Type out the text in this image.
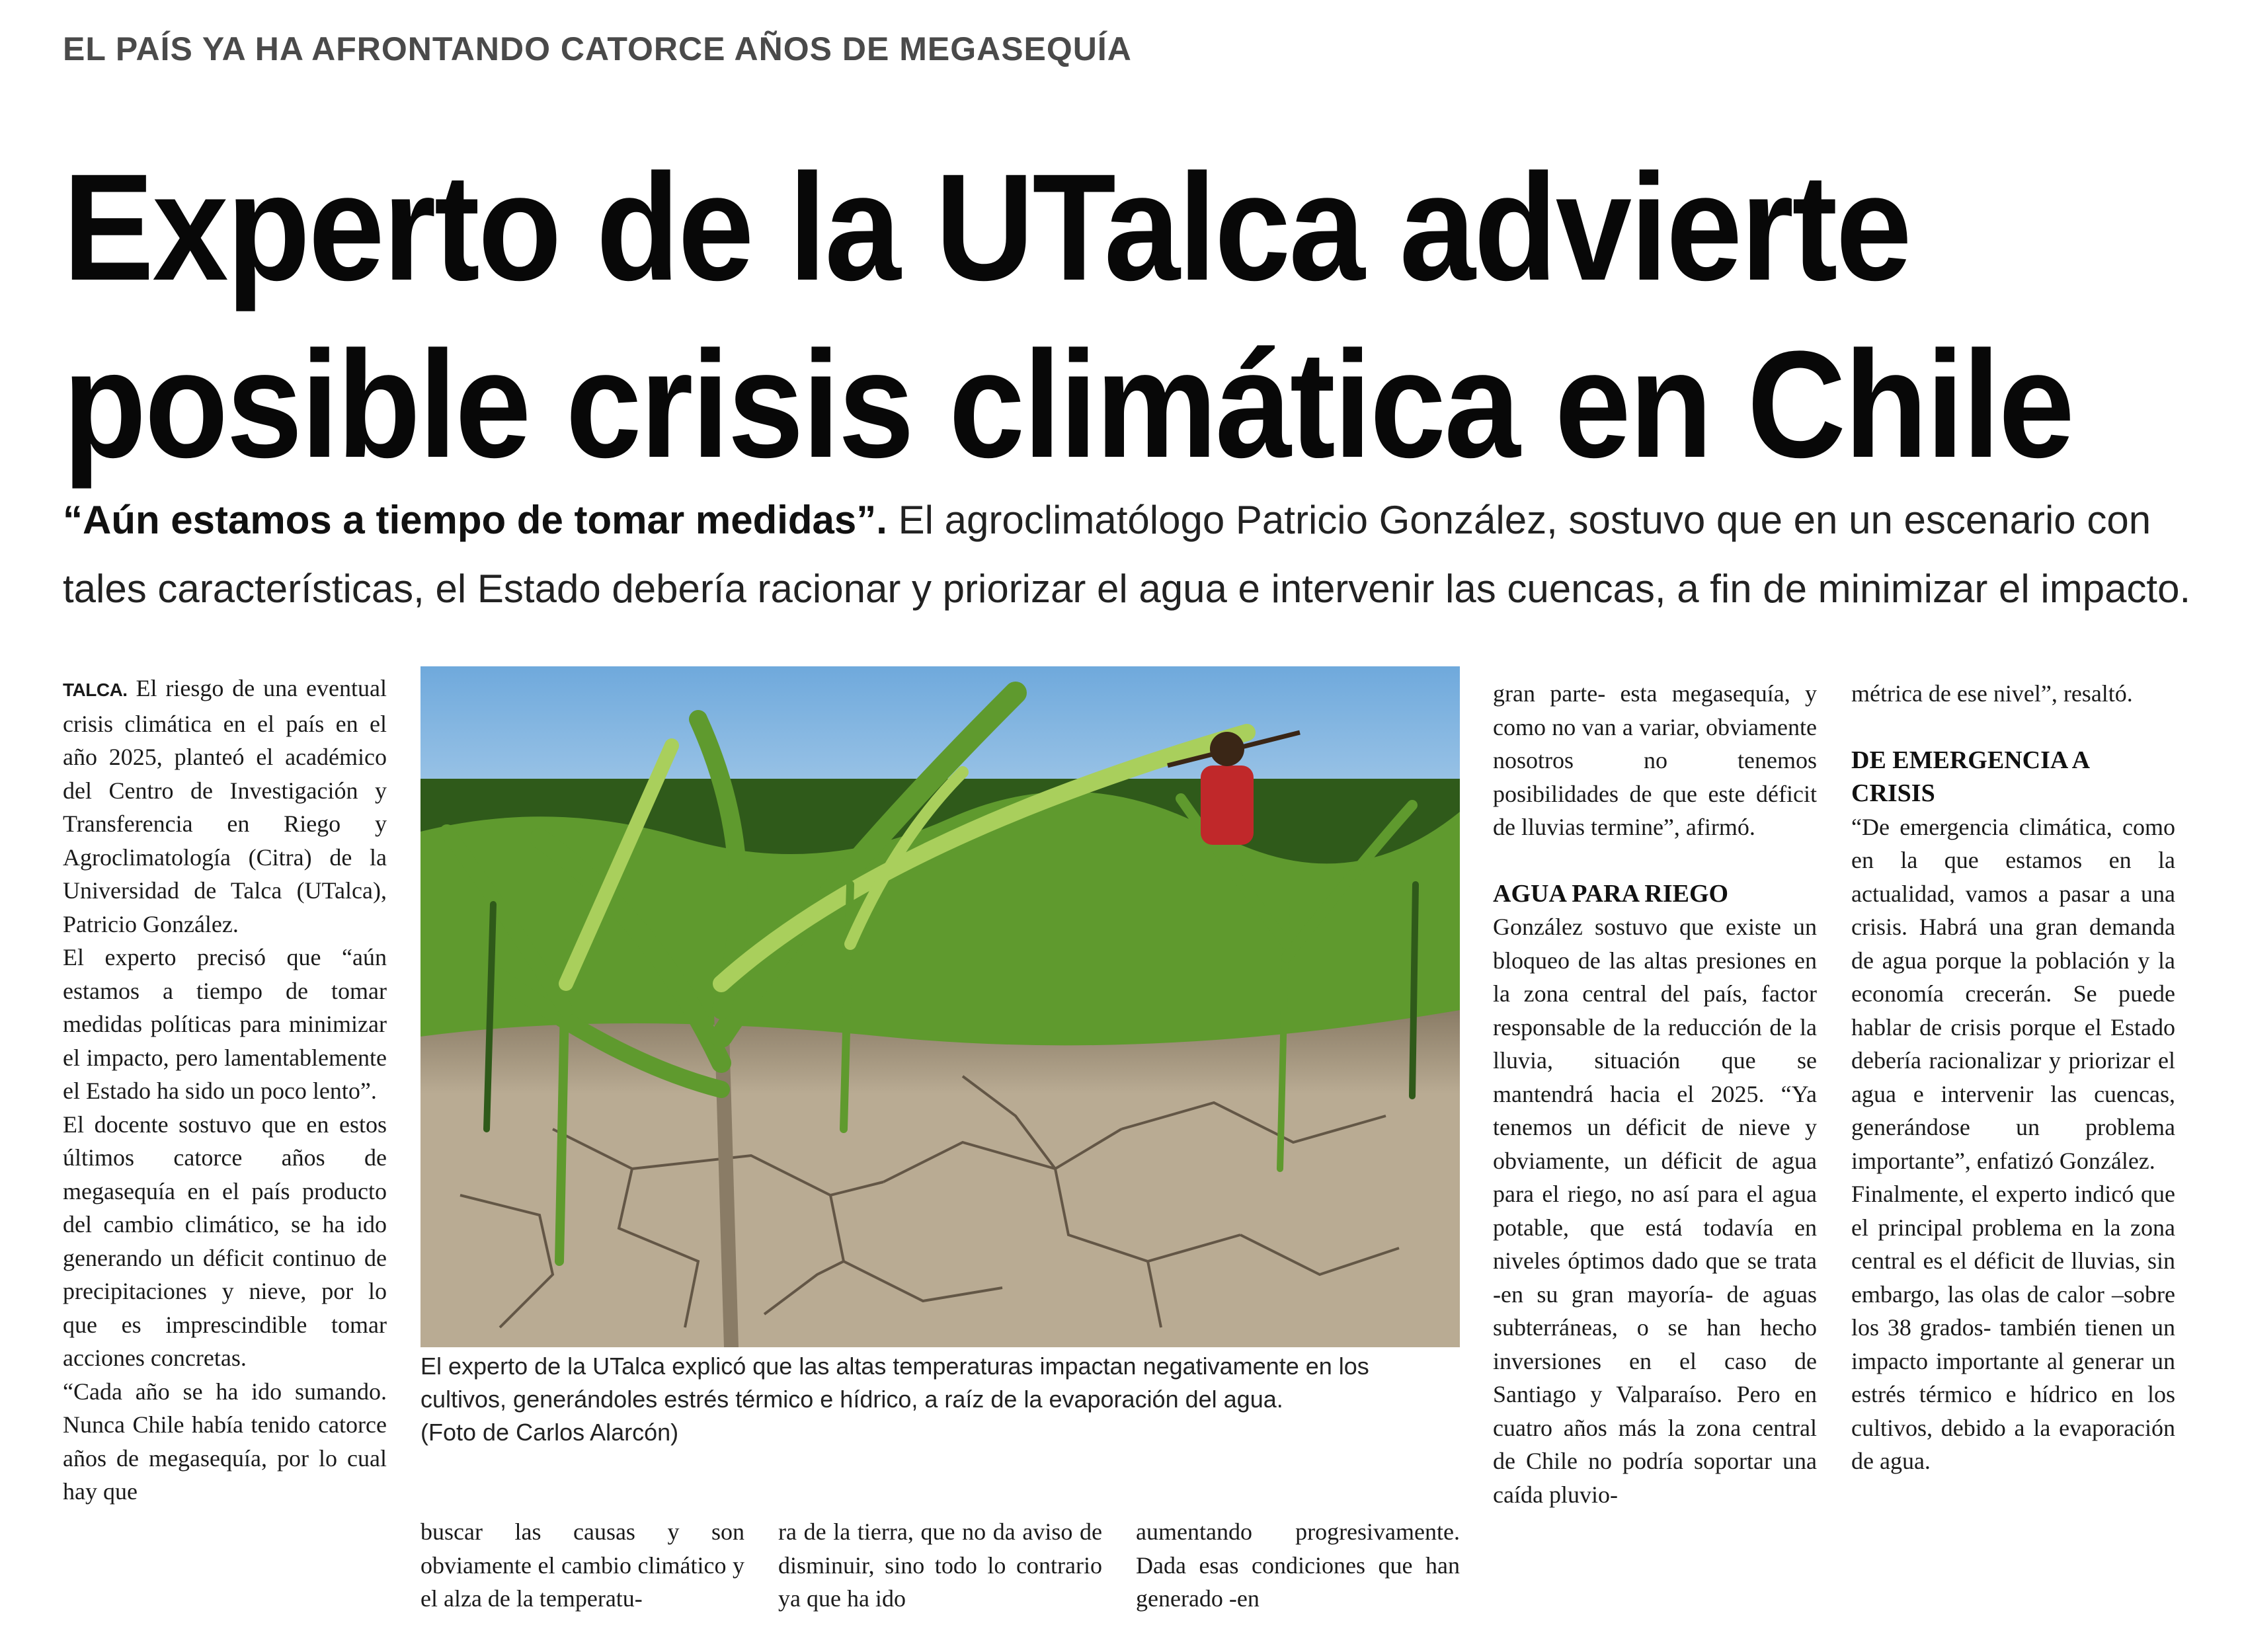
EL PAÍS YA HA AFRONTANDO CATORCE AÑOS DE MEGASEQUÍA
Experto de la UTalca advierte
posible crisis climática en Chile
“Aún estamos a tiempo de tomar medidas”. El agroclimatólogo Patricio González, sostuvo que en un escenario con tales características, el Estado debería racionar y priorizar el agua e intervenir las cuencas, a fin de minimizar el impacto.

TALCA. El riesgo de una eventual crisis climática en el país en el año 2025, planteó el académico del Centro de Investigación y Transferencia en Riego y Agroclimatología (Citra) de la Universidad de Talca (UTalca), Patricio González.

El experto precisó que “aún estamos a tiempo de tomar medidas políticas para minimizar el impacto, pero lamentablemente el Estado ha sido un poco lento”.

El docente sostuvo que en estos últimos catorce años de megasequía en el país producto del cambio climático, se ha ido generando un déficit continuo de precipitaciones y nieve, por lo que es imprescindible tomar acciones concretas.

“Cada año se ha ido sumando. Nunca Chile había tenido catorce años de megasequía, por lo cual hay que

El experto de la UTalca explicó que las altas temperaturas impactan negativamente en los cultivos, generándoles estrés térmico e hídrico, a raíz de la evaporación del agua.
(Foto de Carlos Alarcón)
buscar las causas y son obviamente el cambio climático y el alza de la temperatu-
ra de la tierra, que no da aviso de disminuir, sino todo lo contrario ya que ha ido
aumentando progresivamente. Dada esas condiciones que han generado -en

gran parte- esta megasequía, y como no van a variar, obviamente nosotros no tenemos posibilidades de que este déficit de lluvias termine”, afirmó.

AGUA PARA RIEGO

González sostuvo que existe un bloqueo de las altas presiones en la zona central del país, factor responsable de la reducción de la lluvia, situación que se mantendrá hacia el 2025. “Ya tenemos un déficit de nieve y obviamente, un déficit de agua para el riego, no así para el agua potable, que está todavía en niveles óptimos dado que se trata -en su gran mayoría- de aguas subterráneas, o se han hecho inversiones en el caso de Santiago y Valparaíso. Pero en cuatro años más la zona central de Chile no podría soportar una caída pluvio-

métrica de ese nivel”, resaltó.

DE EMERGENCIA A CRISIS

“De emergencia climática, como en la que estamos en la actualidad, vamos a pasar a una crisis. Habrá una gran demanda de agua porque la población y la economía crecerán. Se puede hablar de crisis porque el Estado debería racionalizar y priorizar el agua e intervenir las cuencas, generándose un problema importante”, enfatizó González.

Finalmente, el experto indicó que el principal problema en la zona central es el déficit de lluvias, sin embargo, las olas de calor –sobre los 38 grados- también tienen un impacto importante al generar un estrés térmico e hídrico en los cultivos, debido a la evaporación de agua.
